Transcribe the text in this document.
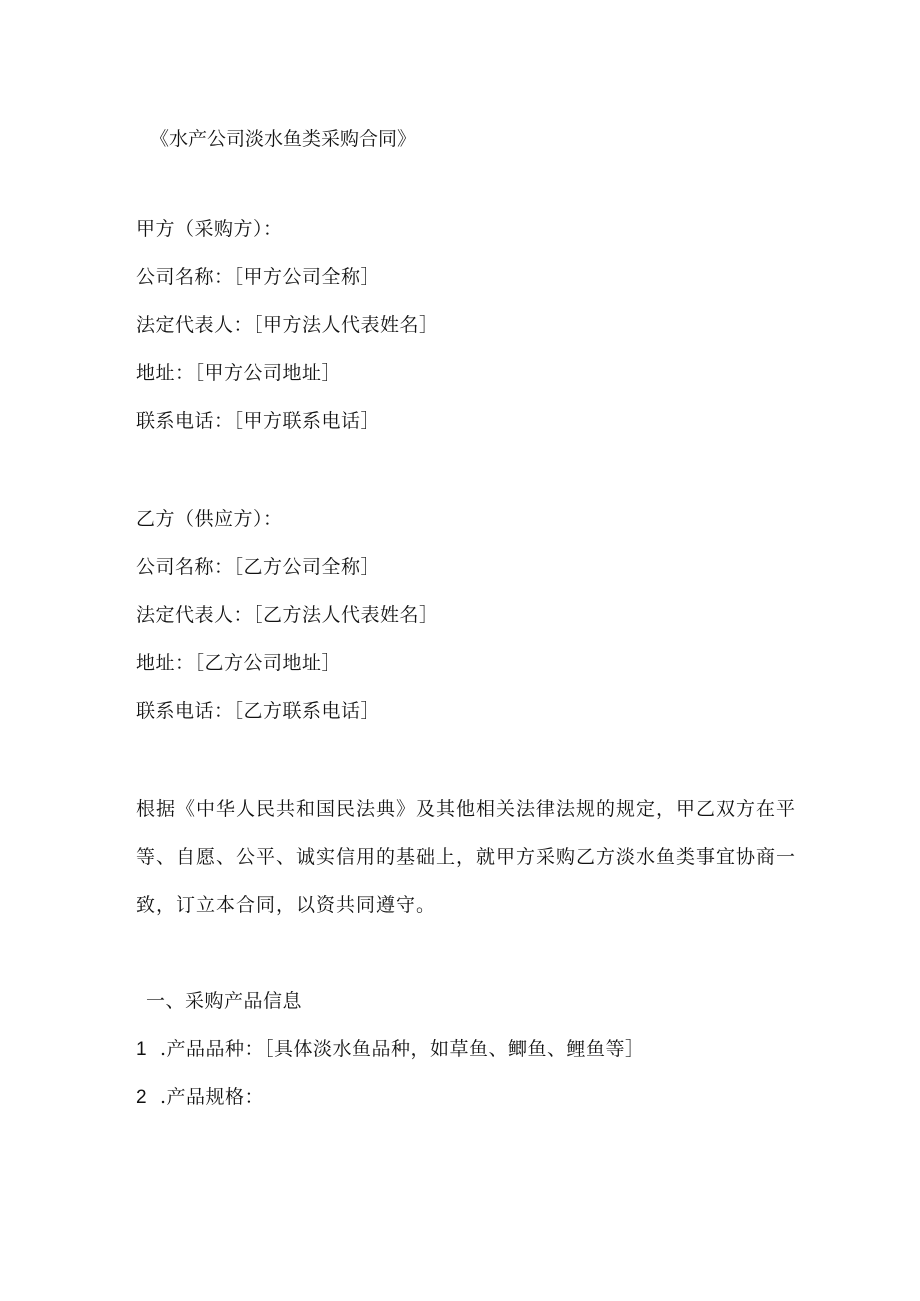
《水产公司淡水鱼类采购合同》
甲方（采购方）：
公司名称：［甲方公司全称］
法定代表人：［甲方法人代表姓名］
地址：［甲方公司地址］
联系电话：［甲方联系电话］
乙方（供应方）：
公司名称：［乙方公司全称］
法定代表人：［乙方法人代表姓名］
地址：［乙方公司地址］
联系电话：［乙方联系电话］
根据《中华人民共和国民法典》及其他相关法律法规的规定，甲乙双方在平等、自愿、公平、诚实信用的基础上，就甲方采购乙方淡水鱼类事宜协商一致，订立本合同，以资共同遵守。
一、采购产品信息
1 .产品品种：［具体淡水鱼品种，如草鱼、鲫鱼、鲤鱼等］
2 .产品规格：
